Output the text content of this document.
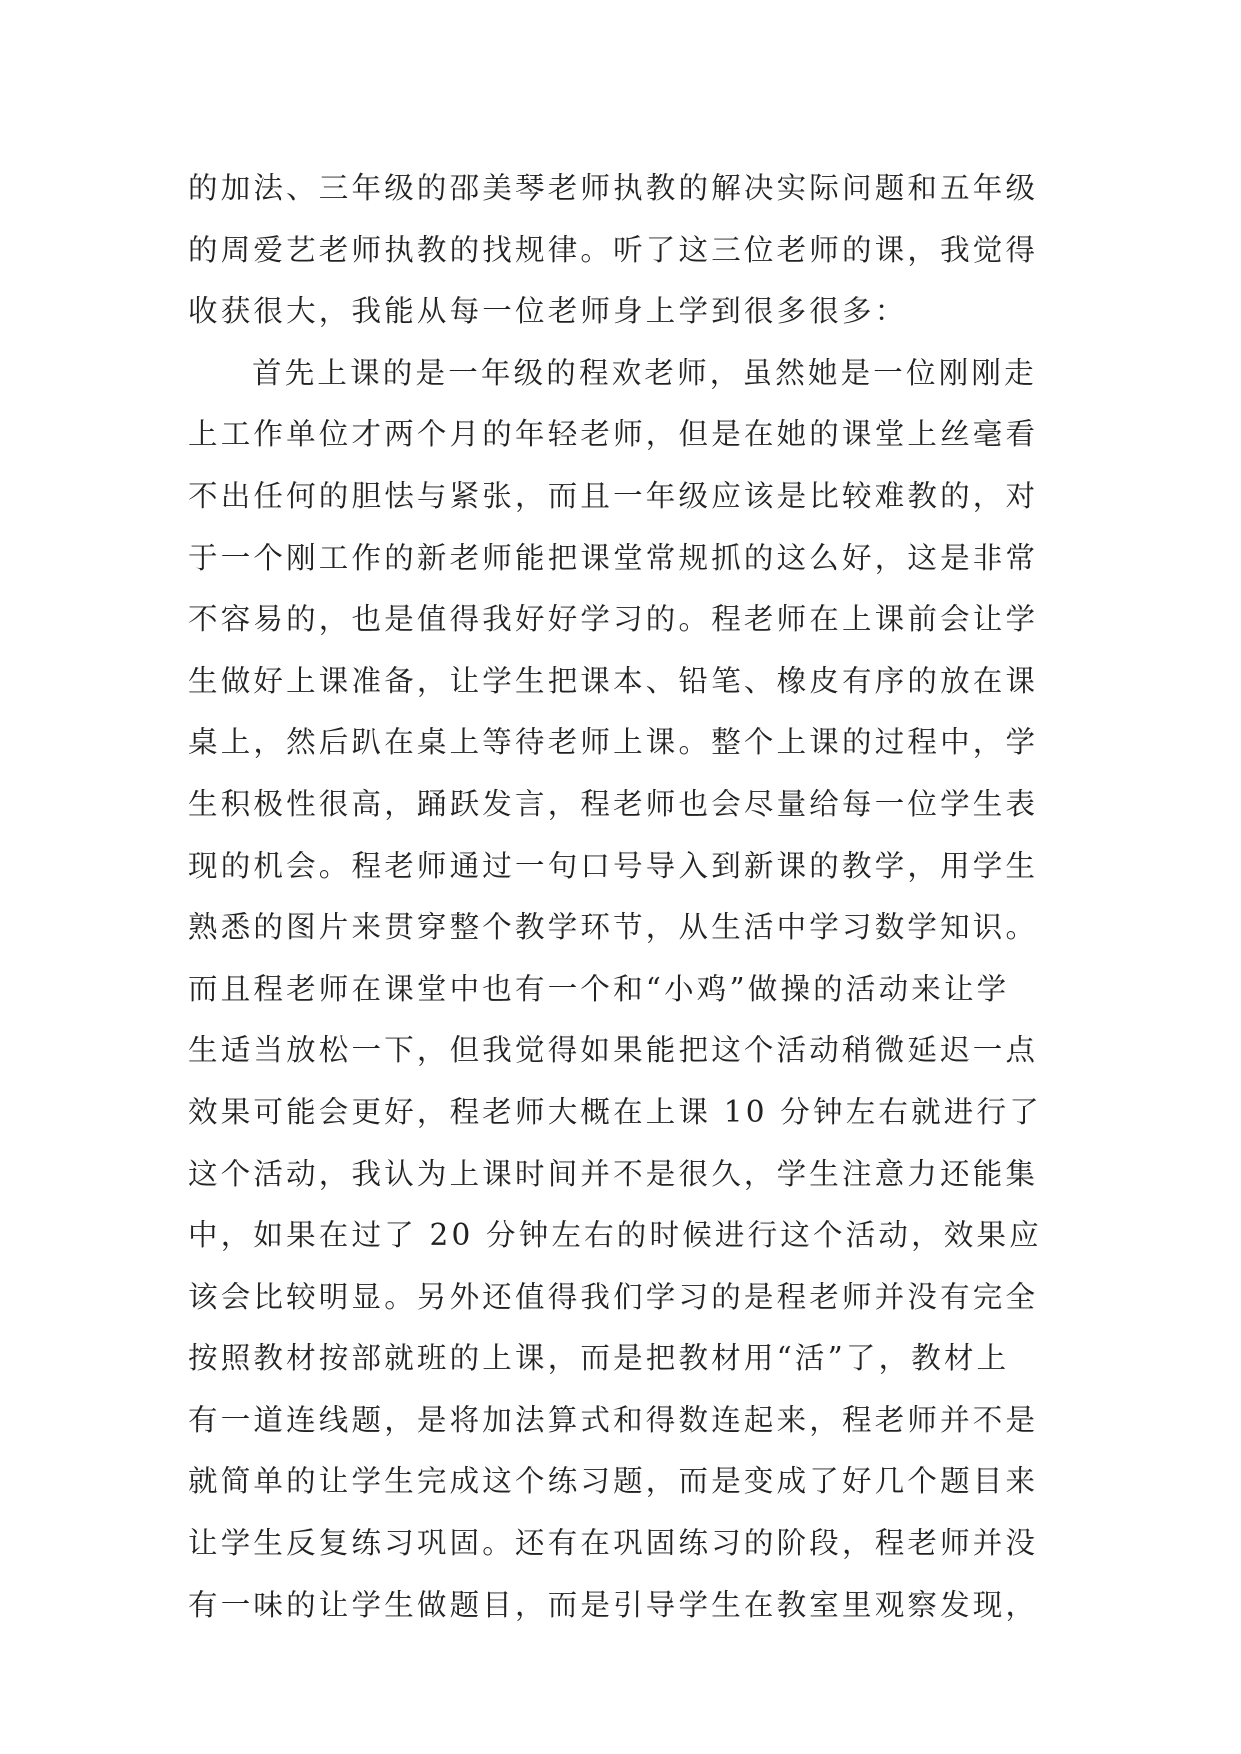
的加法、三年级的邵美琴老师执教的解决实际问题和五年级
的周爱艺老师执教的找规律。听了这三位老师的课，我觉得
收获很大，我能从每一位老师身上学到很多很多：
首先上课的是一年级的程欢老师，虽然她是一位刚刚走
上工作单位才两个月的年轻老师，但是在她的课堂上丝毫看
不出任何的胆怯与紧张，而且一年级应该是比较难教的，对
于一个刚工作的新老师能把课堂常规抓的这么好，这是非常
不容易的，也是值得我好好学习的。程老师在上课前会让学
生做好上课准备，让学生把课本、铅笔、橡皮有序的放在课
桌上，然后趴在桌上等待老师上课。整个上课的过程中，学
生积极性很高，踊跃发言，程老师也会尽量给每一位学生表
现的机会。程老师通过一句口号导入到新课的教学，用学生
熟悉的图片来贯穿整个教学环节，从生活中学习数学知识。
而且程老师在课堂中也有一个和“小鸡”做操的活动来让学
生适当放松一下，但我觉得如果能把这个活动稍微延迟一点
效果可能会更好，程老师大概在上课 10 分钟左右就进行了
这个活动，我认为上课时间并不是很久，学生注意力还能集
中，如果在过了 20 分钟左右的时候进行这个活动，效果应
该会比较明显。另外还值得我们学习的是程老师并没有完全
按照教材按部就班的上课，而是把教材用“活”了，教材上
有一道连线题，是将加法算式和得数连起来，程老师并不是
就简单的让学生完成这个练习题，而是变成了好几个题目来
让学生反复练习巩固。还有在巩固练习的阶段，程老师并没
有一味的让学生做题目，而是引导学生在教室里观察发现，
